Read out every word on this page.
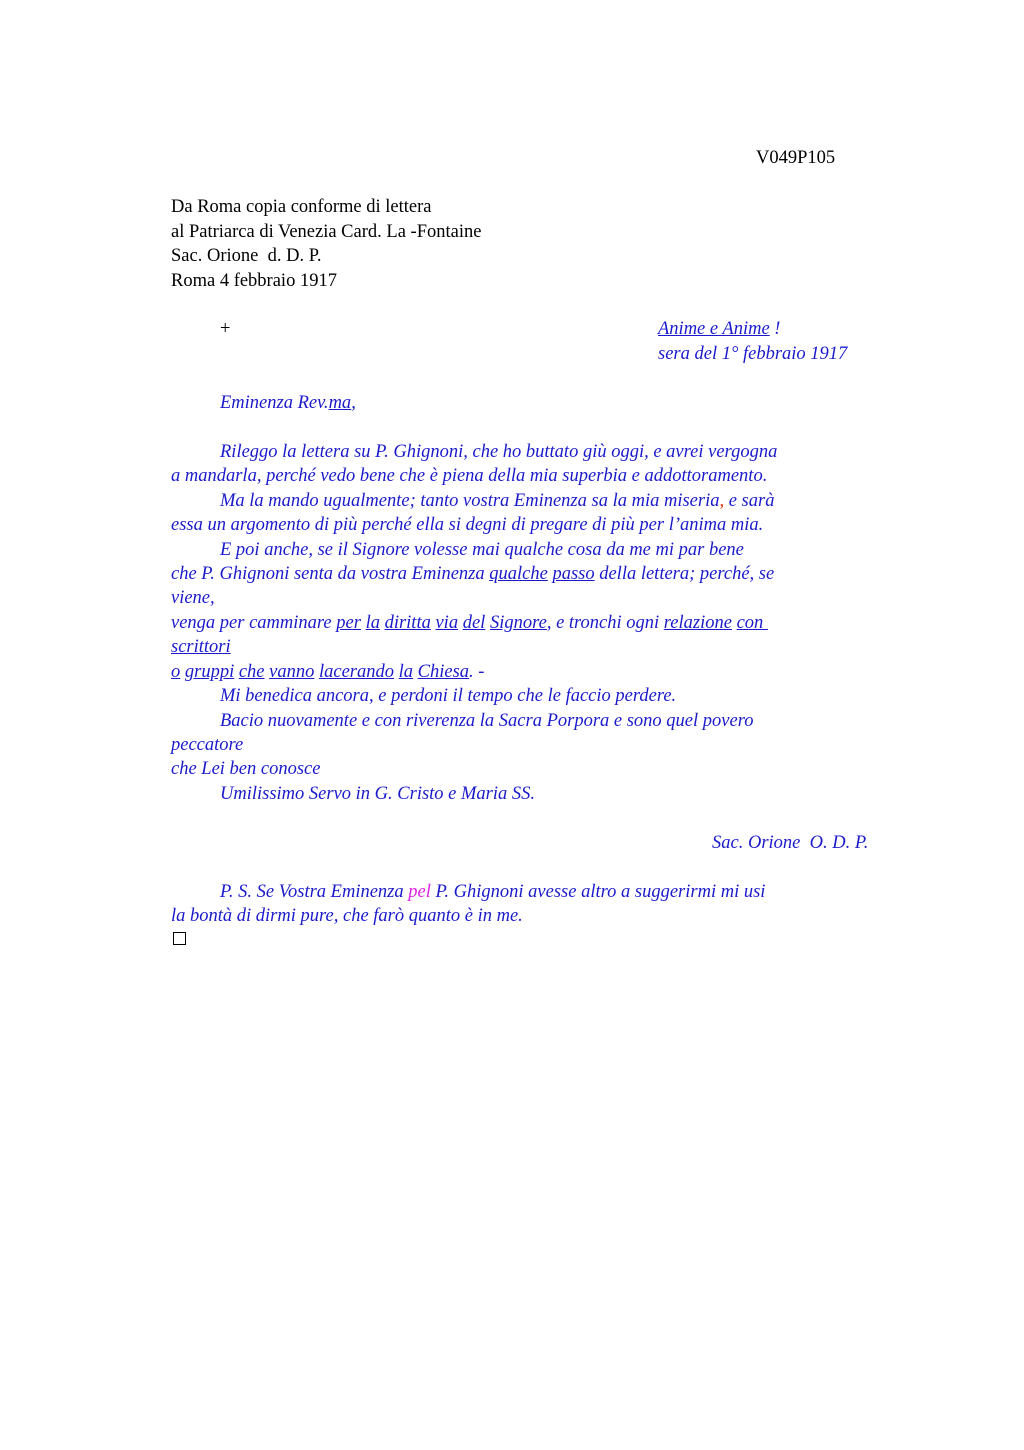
V049P105
Da Roma copia conforme di lettera
al Patriarca di Venezia Card. La -Fontaine
Sac. Orione  d. D. P.
Roma 4 febbraio 1917
+	Anime e Anime !
sera del 1° febbraio 1917
Eminenza Rev.ma,
Rileggo la lettera su P. Ghignoni, che ho buttato giù oggi, e avrei vergogna
a mandarla, perché vedo bene che è piena della mia superbia e addottoramento.
Ma la mando ugualmente; tanto vostra Eminenza sa la mia miseria, e sarà
essa un argomento di più perché ella si degni di pregare di più per l’anima mia.
E poi anche, se il Signore volesse mai qualche cosa da me mi par bene
che P. Ghignoni senta da vostra Eminenza qualche passo della lettera; perché, se
viene,
venga per camminare per la diritta via del Signore, e tronchi ogni relazione con
scrittori
o gruppi che vanno lacerando la Chiesa. -
Mi benedica ancora, e perdoni il tempo che le faccio perdere.
Bacio nuovamente e con riverenza la Sacra Porpora e sono quel povero
peccatore
che Lei ben conosce
Umilissimo Servo in G. Cristo e Maria SS.
Sac. Orione  O. D. P.
P. S. Se Vostra Eminenza pel P. Ghignoni avesse altro a suggerirmi mi usi
la bontà di dirmi pure, che farò quanto è in me.
